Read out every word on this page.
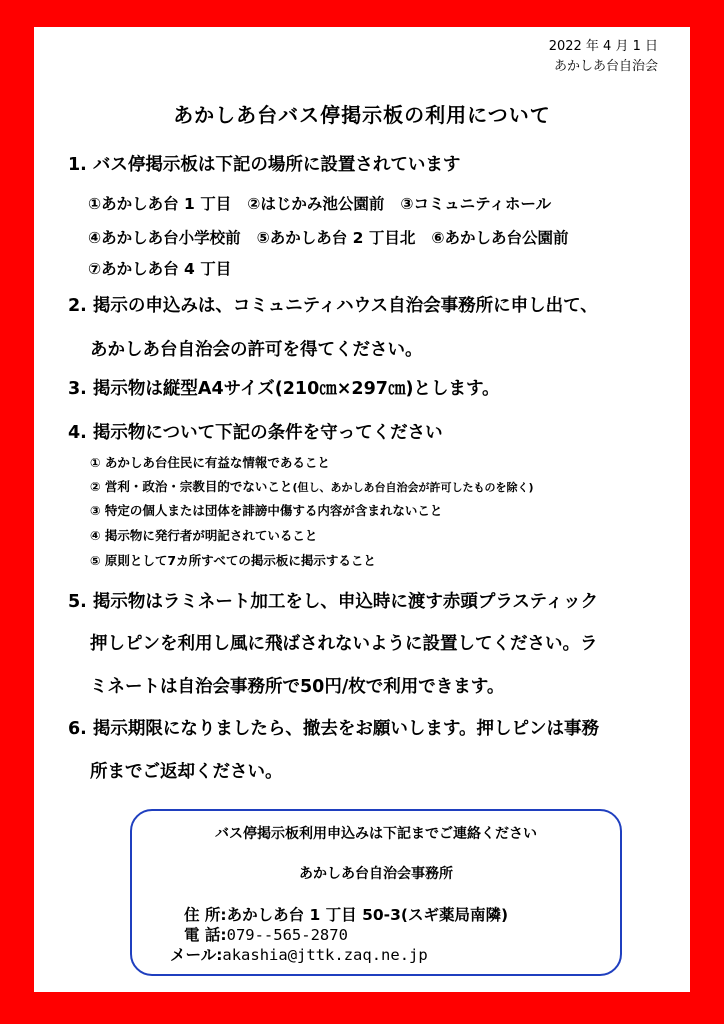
2022 年 4 月 1 日
あかしあ台自治会
あかしあ台バス停掲示板の利用について
1. バス停掲示板は下記の場所に設置されています
①あかしあ台 1 丁目 ②はじかみ池公園前 ③コミュニティホール
④あかしあ台小学校前 ⑤あかしあ台 2 丁目北 ⑥あかしあ台公園前
⑦あかしあ台 4 丁目
2. 掲示の申込みは、コミュニティハウス自治会事務所に申し出て、
あかしあ台自治会の許可を得てください。
3. 掲示物は縦型A4サイズ(210㎝×297㎝)とします。
4. 掲示物について下記の条件を守ってください
① あかしあ台住民に有益な情報であること
② 営利・政治・宗教目的でないこと(但し、あかしあ台自治会が許可したものを除く)
③ 特定の個人または団体を誹謗中傷する内容が含まれないこと
④ 掲示物に発行者が明記されていること
⑤ 原則として7カ所すべての掲示板に掲示すること
5. 掲示物はラミネート加工をし、申込時に渡す赤頭プラスティック
押しピンを利用し風に飛ばされないように設置してください。ラ
ミネートは自治会事務所で50円/枚で利用できます。
6. 掲示期限になりましたら、撤去をお願いします。押しピンは事務
所までご返却ください。
バス停掲示板利用申込みは下記までご連絡ください
あかしあ台自治会事務所
住 所:あかしあ台 1 丁目 50-3(スギ薬局南隣)
電 話:079--565-2870
メール:akashia@jttk.zaq.ne.jp
